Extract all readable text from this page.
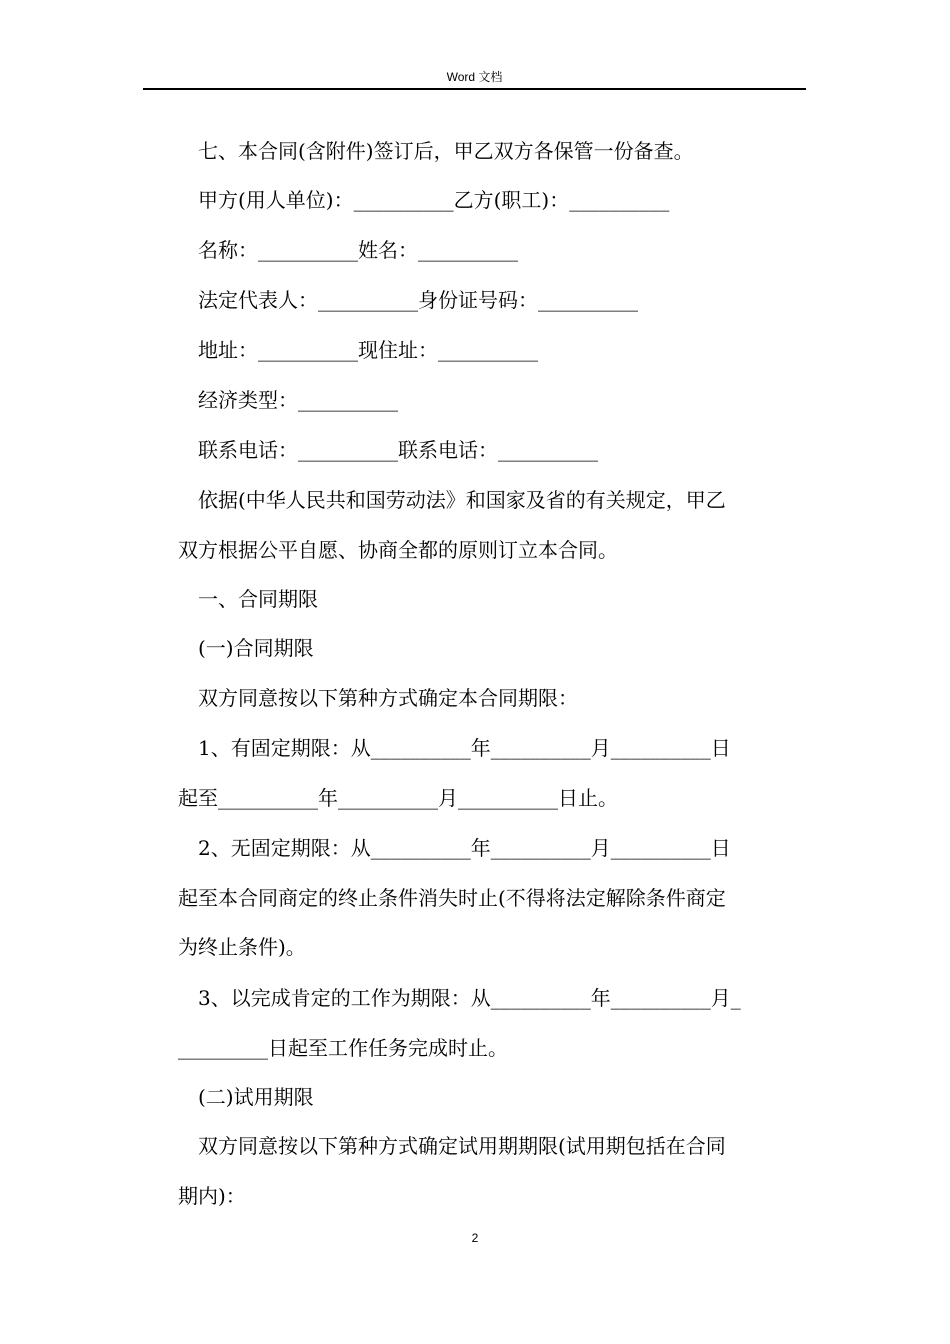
Word 文档
七、本合同(含附件)签订后，甲乙双方各保管一份备查。
甲方(用人单位)：__________乙方(职工)：__________
名称：__________姓名：__________
法定代表人：__________身份证号码：__________
地址：__________现住址：__________
经济类型：__________
联系电话：__________联系电话：__________
依据(中华人民共和国劳动法》和国家及省的有关规定，甲乙
双方根据公平自愿、协商全都的原则订立本合同。
一、合同期限
(一)合同期限
双方同意按以下第种方式确定本合同期限：
1、有固定期限：从__________年__________月__________日
起至__________年__________月__________日止。
2、无固定期限：从__________年__________月__________日
起至本合同商定的终止条件消失时止(不得将法定解除条件商定
为终止条件)。
3、以完成肯定的工作为期限：从__________年__________月_
_________日起至工作任务完成时止。
(二)试用期限
双方同意按以下第种方式确定试用期期限(试用期包括在合同
期内)：
2
